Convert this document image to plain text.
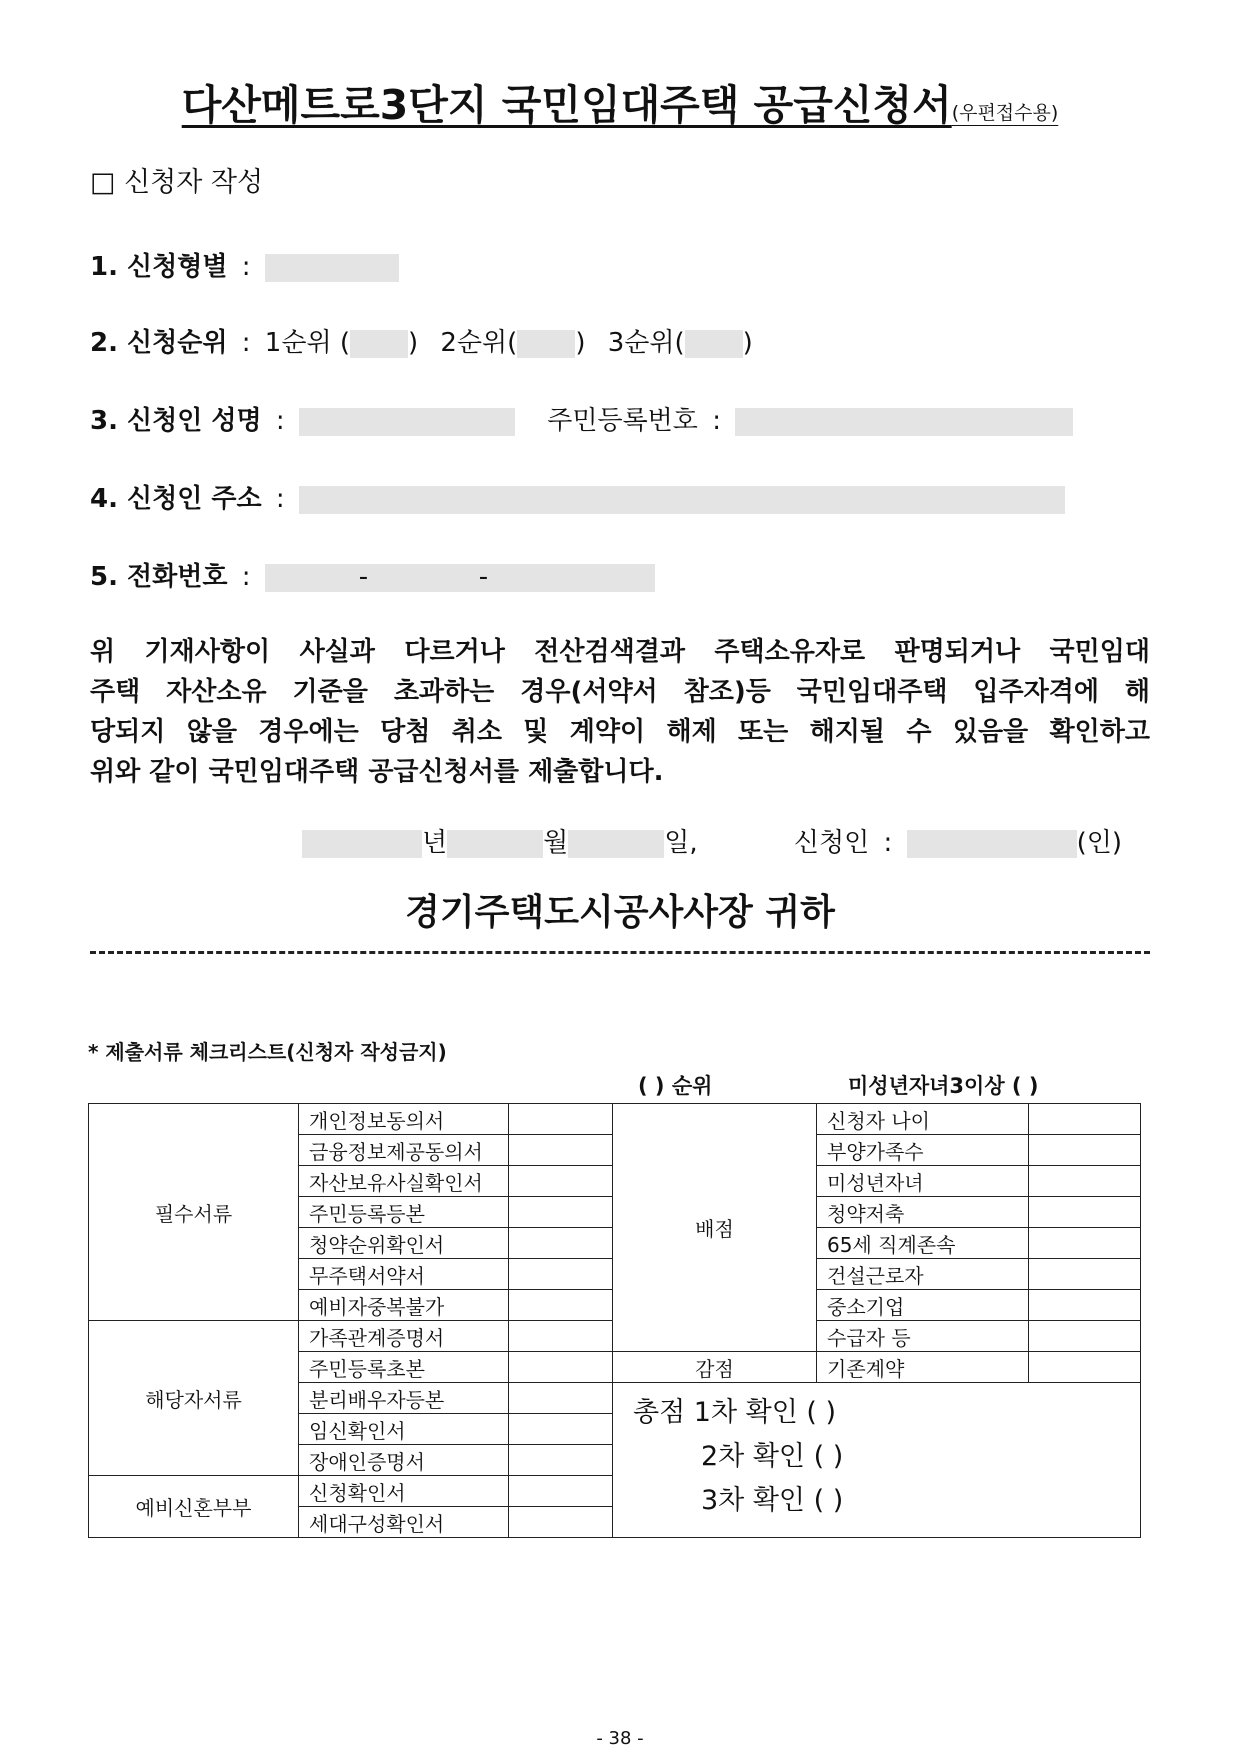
다산메트로3단지 국민임대주택 공급신청서(우편접수용)
□ 신청자 작성
1. 신청형별 :
2. 신청순위 : 1순위 ( ) 2순위( ) 3순위( )
3. 신청인 성명 :	주민등록번호 :
4. 신청인 주소 :
5. 전화번호 :	-	-
위 기재사항이 사실과 다르거나 전산검색결과 주택소유자로 판명되거나 국민임대
주택 자산소유 기준을 초과하는 경우(서약서 참조)등 국민임대주택 입주자격에 해
당되지 않을 경우에는 당첨 취소 및 계약이 해제 또는 해지될 수 있음을 확인하고
위와 같이 국민임대주택 공급신청서를 제출합니다.
년	월	일,	신청인 :	(인)
경기주택도시공사사장 귀하
* 제출서류 체크리스트(신청자 작성금지)
( ) 순위	미성년자녀3이상 ( )
필수서류	개인정보동의서		배점	신청자 나이	
	금융정보제공동의서			부양가족수	
	자산보유사실확인서			미성년자녀	
	주민등록등본			청약저축	
	청약순위확인서			65세 직계존속	
	무주택서약서			건설근로자	
	예비자중복불가			중소기업	
해당자서류	가족관계증명서			수급자 등	
	주민등록초본		감점	기존계약	
	분리배우자등본		총점 1차 확인 ( )
2차 확인 ( )
3차 확인 ( )		

	임신확인서				
	장애인증명서				
예비신혼부부	신청확인서				
	세대구성확인서				
- 38 -
